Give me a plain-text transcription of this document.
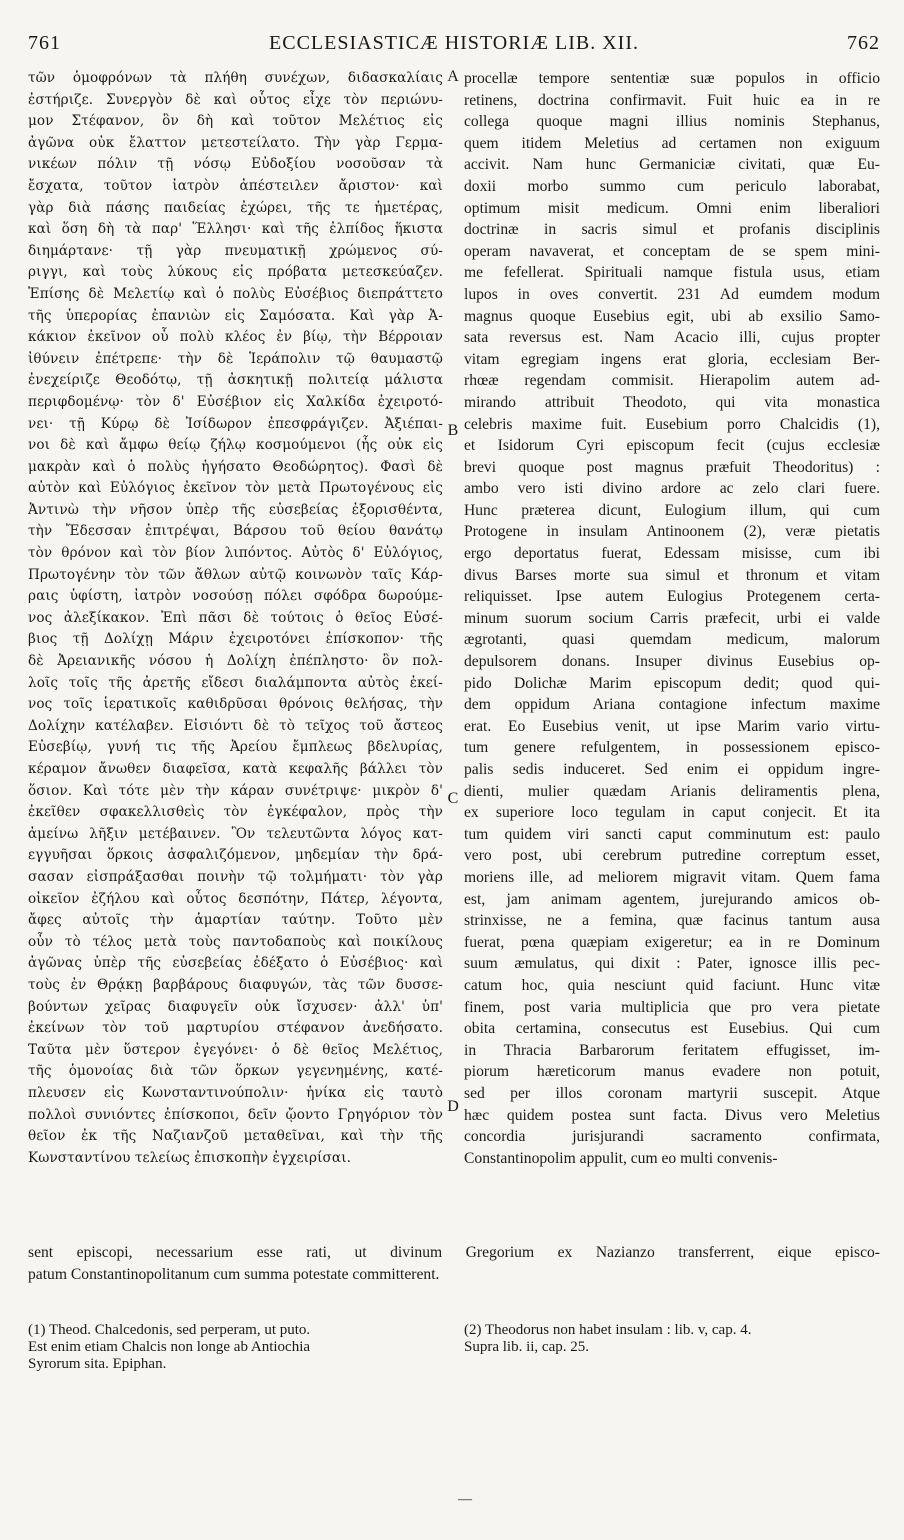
761	ECCLESIASTICÆ HISTORIÆ LIB. XII.	762
τῶν ὁμοφρόνων τὰ πλήθη συνέχων, διδασκαλίαις
ἐστήριζε. Συνεργὸν δὲ καὶ οὗτος εἶχε τὸν περιώνυ-
μον Στέφανον, ὃν δὴ καὶ τοῦτον Μελέτιος εἰς
ἀγῶνα οὐκ ἔλαττον μετεστείλατο. Τὴν γὰρ Γερμα-
νικέων πόλιν τῇ νόσῳ Εὐδοξίου νοσοῦσαν τὰ
ἔσχατα, τοῦτον ἰατρὸν ἀπέστειλεν ἄριστον· καὶ
γὰρ διὰ πάσης παιδείας ἐχώρει, τῆς τε ἡμετέρας,
καὶ ὅση δὴ τὰ παρ' Ἕλλησι· καὶ τῆς ἐλπίδος ἥκιστα
διημάρτανε· τῇ γὰρ πνευματικῇ χρώμενος σύ-
ριγγι, καὶ τοὺς λύκους εἰς πρόβατα μετεσκεύαζεν.
Ἐπίσης δὲ Μελετίῳ καὶ ὁ πολὺς Εὐσέβιος διεπράττετο
τῆς ὑπερορίας ἐπανιὼν εἰς Σαμόσατα. Καὶ γὰρ Ἀ-
κάκιον ἐκεῖνον οὗ πολὺ κλέος ἐν βίῳ, τὴν Βέρροιαν
ἰθύνειν ἐπέτρεπε· τὴν δὲ Ἱεράπολιν τῷ θαυμαστῷ
ἐνεχείριζε Θεοδότῳ, τῇ ἀσκητικῇ πολιτείᾳ μάλιστα
περιφδομένῳ· τὸν δ' Εὐσέβιον εἰς Χαλκίδα ἐχειροτό-
νει· τῇ Κύρῳ δὲ Ἰσίδωρον ἐπεσφράγιζεν. Ἀξιέπαι-
νοι δὲ καὶ ἄμφω θείῳ ζήλῳ κοσμούμενοι (ἧς οὐκ εἰς
μακρὰν καὶ ὁ πολὺς ἡγήσατο Θεοδώρητος). Φασὶ δὲ
αὐτὸν καὶ Εὐλόγιος ἐκεῖνον τὸν μετὰ Πρωτογένους εἰς
Ἀντινὼ τὴν νῆσον ὑπὲρ τῆς εὐσεβείας ἐξορισθέντα,
τὴν Ἔδεσσαν ἐπιτρέψαι, Βάρσου τοῦ θείου θανάτῳ
τὸν θρόνον καὶ τὸν βίον λιπόντος. Αὐτὸς δ' Εὐλόγιος,
Πρωτογένην τὸν τῶν ἄθλων αὐτῷ κοινωνὸν ταῖς Κάρ-
ραις ὑφίστη, ἰατρὸν νοσούσῃ πόλει σφόδρα δωρούμε-
νος ἀλεξίκακον. Ἐπὶ πᾶσι δὲ τούτοις ὁ θεῖος Εὐσέ-
βιος τῇ Δολίχῃ Μάριν ἐχειροτόνει ἐπίσκοπον· τῆς
δὲ Ἀρειανικῆς νόσου ἡ Δολίχη ἐπέπληστο· ὃν πολ-
λοῖς τοῖς τῆς ἀρετῆς εἴδεσι διαλάμποντα αὐτὸς ἐκεί-
νος τοῖς ἱερατικοῖς καθιδρῦσαι θρόνοις θελήσας, τὴν
Δολίχην κατέλαβεν. Εἰσιόντι δὲ τὸ τεῖχος τοῦ ἄστεος
Εὐσεβίῳ, γυνή τις τῆς Ἀρείου ἔμπλεως βδελυρίας,
κέραμον ἄνωθεν διαφεῖσα, κατὰ κεφαλῆς βάλλει τὸν
ὅσιον. Καὶ τότε μὲν τὴν κάραν συνέτριψε· μικρὸν δ'
ἐκεῖθεν σφακελλισθεὶς τὸν ἐγκέφαλον, πρὸς τὴν
ἀμείνω λῆξιν μετέβαινεν. Ὃν τελευτῶντα λόγος κατ-
εγγυῆσαι ὅρκοις ἀσφαλιζόμενον, μηδεμίαν τὴν δρά-
σασαν εἰσπράξασθαι ποινὴν τῷ τολμήματι· τὸν γὰρ
οἰκεῖον ἐζήλου καὶ οὗτος δεσπότην, Πάτερ, λέγοντα,
ἄφες αὐτοῖς τὴν ἁμαρτίαν ταύτην. Τοῦτο μὲν
οὖν τὸ τέλος μετὰ τοὺς παντοδαποὺς καὶ ποικίλους
ἀγῶνας ὑπὲρ τῆς εὐσεβείας ἐδέξατο ὁ Εὐσέβιος· καὶ
τοὺς ἐν Θρᾴκῃ βαρβάρους διαφυγών, τὰς τῶν δυσσε-
βούντων χεῖρας διαφυγεῖν οὐκ ἴσχυσεν· ἀλλ' ὑπ'
ἐκείνων τὸν τοῦ μαρτυρίου στέφανον ἀνεδήσατο.
Ταῦτα μὲν ὕστερον ἐγεγόνει· ὁ δὲ θεῖος Μελέτιος,
τῆς ὁμονοίας διὰ τῶν ὅρκων γεγενημένης, κατέ-
πλευσεν εἰς Κωνσταντινούπολιν· ἡνίκα εἰς ταυτὸ
πολλοὶ συνιόντες ἐπίσκοποι, δεῖν ᾤοντο Γρηγόριον τὸν
θεῖον ἐκ τῆς Ναζιανζοῦ μεταθεῖναι, καὶ τὴν τῆς
Κωνσταντίνου τελείως ἐπισκοπὴν ἐγχειρίσαι.
procellæ tempore sententiæ suæ populos in officio
retinens, doctrina confirmavit. Fuit huic ea in re
collega quoque magni illius nominis Stephanus,
quem itidem Meletius ad certamen non exiguum
accivit. Nam hunc Germaniciæ civitati, quæ Eu-
doxii morbo summo cum periculo laborabat,
optimum misit medicum. Omni enim liberaliori
doctrinæ in sacris simul et profanis disciplinis
operam navaverat, et conceptam de se spem mini-
me fefellerat. Spirituali namque fistula usus, etiam
lupos in oves convertit. 231 Ad eumdem modum
magnus quoque Eusebius egit, ubi ab exsilio Samo-
sata reversus est. Nam Acacio illi, cujus propter
vitam egregiam ingens erat gloria, ecclesiam Ber-
rhœæ regendam commisit. Hierapolim autem ad-
mirando attribuit Theodoto, qui vita monastica
celebris maxime fuit. Eusebium porro Chalcidis (1),
et Isidorum Cyri episcopum fecit (cujus ecclesiæ
brevi quoque post magnus præfuit Theodoritus) :
ambo vero isti divino ardore ac zelo clari fuere.
Hunc præterea dicunt, Eulogium illum, qui cum
Protogene in insulam Antinoonem (2), veræ pietatis
ergo deportatus fuerat, Edessam misisse, cum ibi
divus Barses morte sua simul et thronum et vitam
reliquisset. Ipse autem Eulogius Protegenem certa-
minum suorum socium Carris præfecit, urbi ei valde
ægrotanti, quasi quemdam medicum, malorum
depulsorem donans. Insuper divinus Eusebius op-
pido Dolichæ Marim episcopum dedit; quod qui-
dem oppidum Ariana contagione infectum maxime
erat. Eo Eusebius venit, ut ipse Marim vario virtu-
tum genere refulgentem, in possessionem episco-
palis sedis induceret. Sed enim ei oppidum ingre-
dienti, mulier quædam Arianis deliramentis plena,
ex superiore loco tegulam in caput conjecit. Et ita
tum quidem viri sancti caput comminutum est: paulo
vero post, ubi cerebrum putredine correptum esset,
moriens ille, ad meliorem migravit vitam. Quem fama
est, jam animam agentem, jurejurando amicos ob-
strinxisse, ne a femina, quæ facinus tantum ausa
fuerat, pœna quæpiam exigeretur; ea in re Dominum
suum æmulatus, qui dixit : Pater, ignosce illis pec-
catum hoc, quia nesciunt quid faciunt. Hunc vitæ
finem, post varia multiplicia que pro vera pietate
obita certamina, consecutus est Eusebius. Qui cum
in Thracia Barbarorum feritatem effugisset, im-
piorum hæreticorum manus evadere non potuit,
sed per illos coronam martyrii suscepit. Atque
hæc quidem postea sunt facta. Divus vero Meletius
concordia jurisjurandi sacramento confirmata,
Constantinopolim appulit, cum eo multi convenis-
A
B
C
D
sent episcopi, necessarium esse rati, ut divinum Gregorium ex Nazianzo transferrent, eique episco-
patum Constantinopolitanum cum summa potestate committerent.
(1) Theod. Chalcedonis, sed perperam, ut puto.
Est enim etiam Chalcis non longe ab Antiochia
Syrorum sita. Epiphan.
(2) Theodorus non habet insulam : lib. v, cap. 4.
Supra lib. ii, cap. 25.
—
